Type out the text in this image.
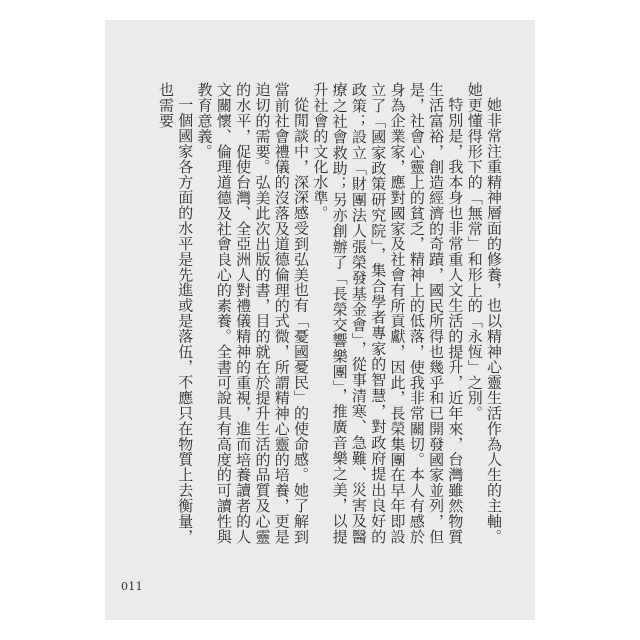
她非常注重精神層面的修養，也以精神心靈生活作為人生的主軸。她更懂得形下的「無常」和形上的「永恆」之別。

特別是，我本身也非常重人文生活的提升，近年來，台灣雖然物質生活富裕，創造經濟的奇蹟，國民所得也幾乎和已開發國家並列，但是，社會心靈上的貧乏，精神上的低落，使我非常關切。本人有感於身為企業家，應對國家及社會有所貢獻，因此，長榮集團在早年即設立了「國家政策研究院」，集合學者專家的智慧，對政府提出良好的政策；設立「財團法人張榮發基金會」，從事清寒、急難、災害及醫療之社會救助；另亦創辦了「長榮交響樂團」，推廣音樂之美，以提升社會的文化水準。

從閒談中，深深感受到弘美也有「憂國憂民」的使命感。她了解到當前社會禮儀的沒落及道德倫理的式微，所謂精神心靈的培養，更是迫切的需要。弘美此次出版的書，目的就在於提升生活的品質及心靈的水平，促使台灣、全亞洲人對禮儀精神的重視，進而培養讀者的人文關懷、倫理道德及社會良心的素養。全書可說具有高度的可讀性與教育意義。

一個國家各方面的水平是先進或是落伍，不應只在物質上去衡量，也需要

011
